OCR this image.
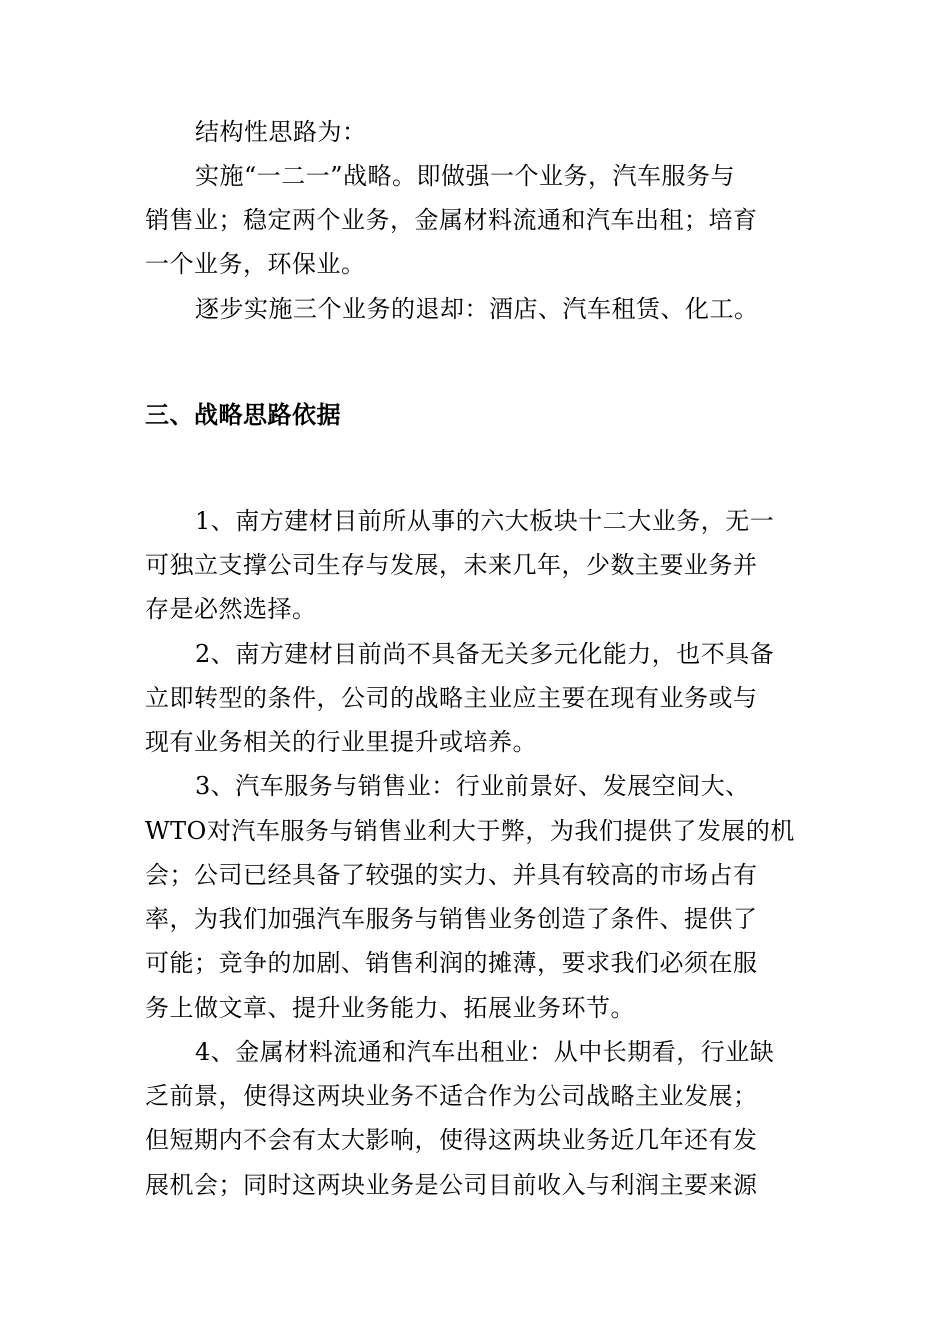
结构性思路为：
实施“一二一”战略。即做强一个业务，汽车服务与
销售业；稳定两个业务，金属材料流通和汽车出租；培育
一个业务，环保业。
逐步实施三个业务的退却：酒店、汽车租赁、化工。
三、战略思路依据
1、南方建材目前所从事的六大板块十二大业务，无一
可独立支撑公司生存与发展，未来几年，少数主要业务并
存是必然选择。
2、南方建材目前尚不具备无关多元化能力，也不具备
立即转型的条件，公司的战略主业应主要在现有业务或与
现有业务相关的行业里提升或培养。
3、汽车服务与销售业：行业前景好、发展空间大、
WTO对汽车服务与销售业利大于弊，为我们提供了发展的机
会；公司已经具备了较强的实力、并具有较高的市场占有
率，为我们加强汽车服务与销售业务创造了条件、提供了
可能；竞争的加剧、销售利润的摊薄，要求我们必须在服
务上做文章、提升业务能力、拓展业务环节。
4、金属材料流通和汽车出租业：从中长期看，行业缺
乏前景，使得这两块业务不适合作为公司战略主业发展；
但短期内不会有太大影响，使得这两块业务近几年还有发
展机会；同时这两块业务是公司目前收入与利润主要来源
